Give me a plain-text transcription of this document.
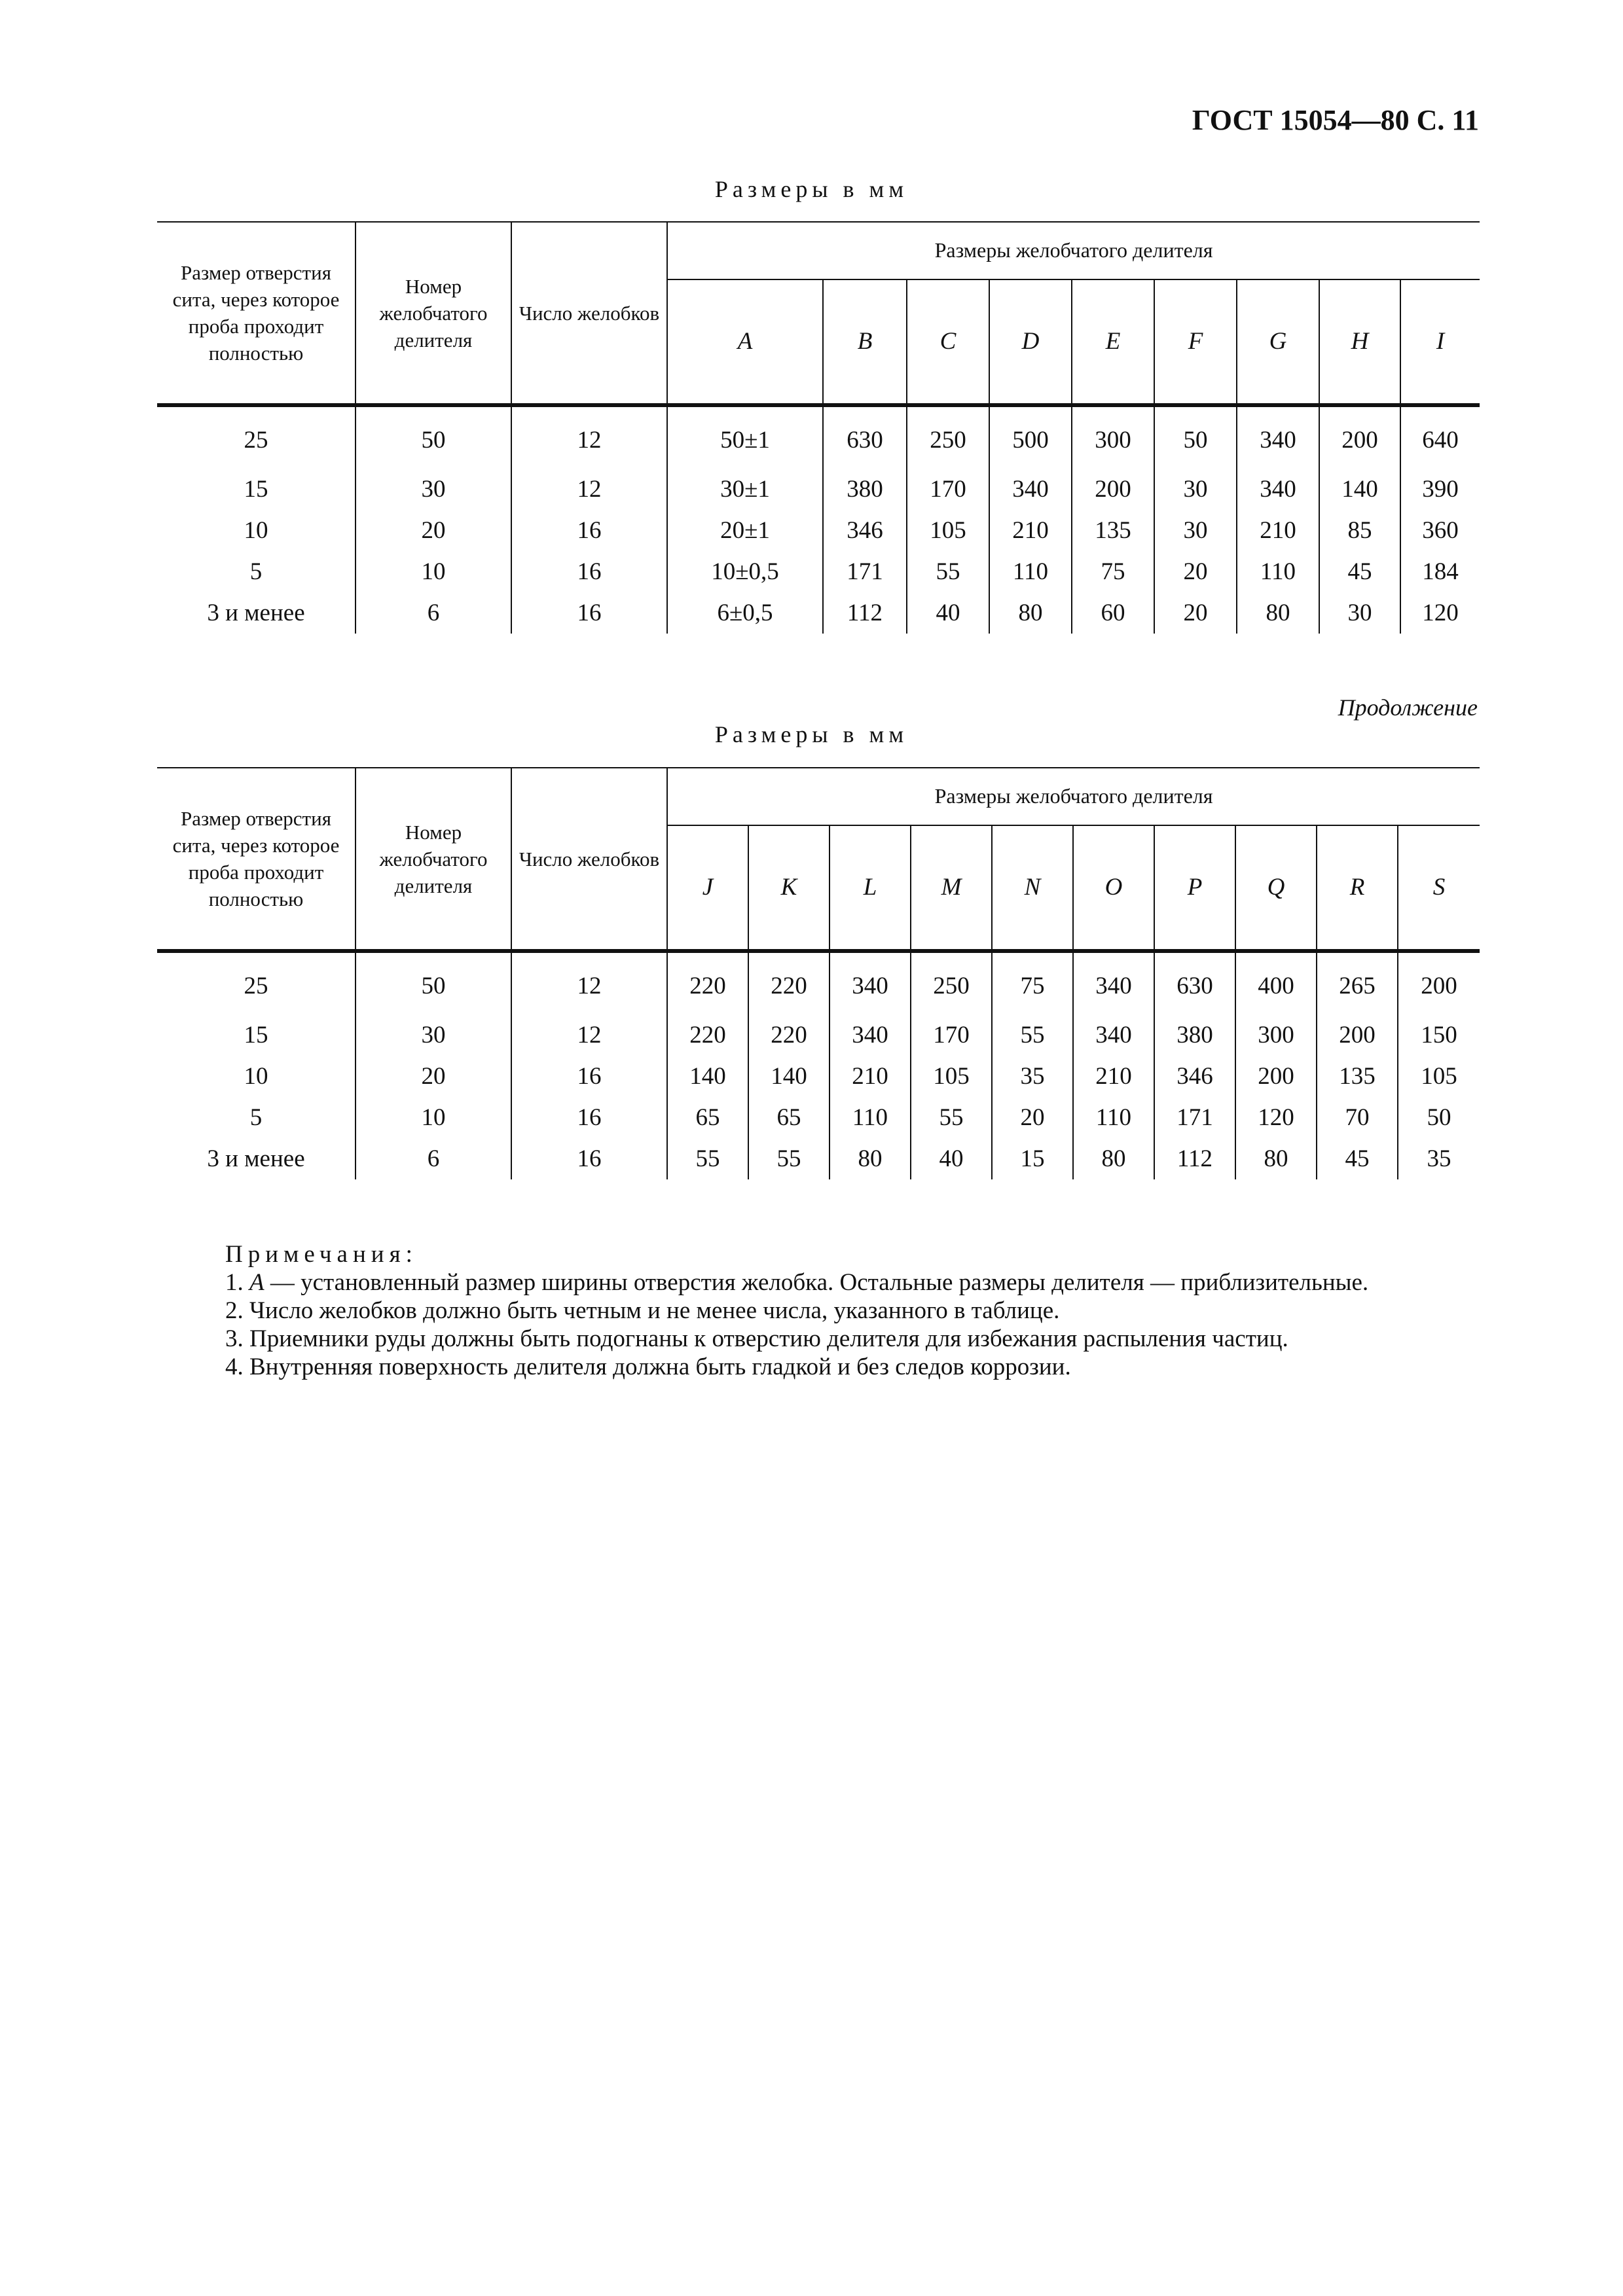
ГОСТ 15054—80 С. 11
Размеры в мм
Размер отверстия сита, через которое проба проходит полностью	Номер желобчатого делителя	Число желобков	Размеры желобчатого делителя								
			A	B	C	D	E	F	G	H	I
25	50	12	50±1	630	250	500	300	50	340	200	640
15	30	12	30±1	380	170	340	200	30	340	140	390
10	20	16	20±1	346	105	210	135	30	210	85	360
5	10	16	10±0,5	171	55	110	75	20	110	45	184
3 и менее	6	16	6±0,5	112	40	80	60	20	80	30	120
Продолжение
Размеры в мм
Размер отверстия сита, через которое проба проходит полностью	Номер желобчатого делителя	Число желобков	Размеры желобчатого делителя									
			J	K	L	M	N	O	P	Q	R	S
25	50	12	220	220	340	250	75	340	630	400	265	200
15	30	12	220	220	340	170	55	340	380	300	200	150
10	20	16	140	140	210	105	35	210	346	200	135	105
5	10	16	65	65	110	55	20	110	171	120	70	50
3 и менее	6	16	55	55	80	40	15	80	112	80	45	35
Примечания:
1. A — установленный размер ширины отверстия желобка. Остальные размеры делителя — приблизительные.
2. Число желобков должно быть четным и не менее числа, указанного в таблице.
3. Приемники руды должны быть подогнаны к отверстию делителя для избежания распыления частиц.
4. Внутренняя поверхность делителя должна быть гладкой и без следов коррозии.
